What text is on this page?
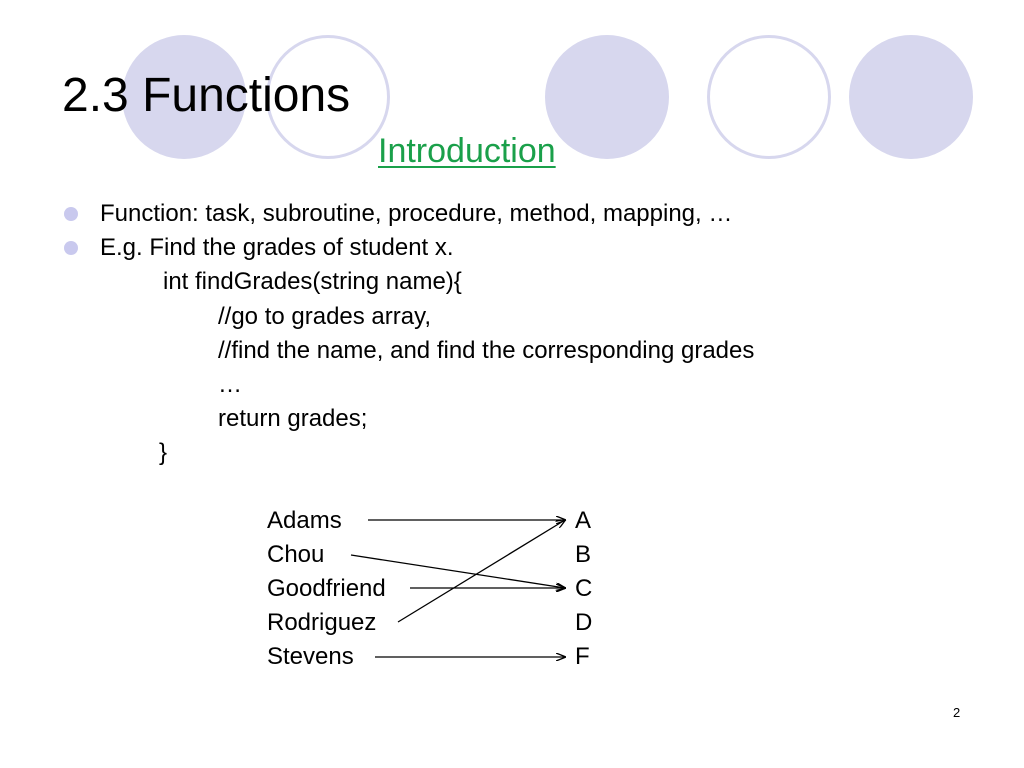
2.3 Functions
Introduction
Function: task, subroutine, procedure, method, mapping, …
E.g. Find the grades of student x.
int findGrades(string name){
//go to grades array,
//find the name, and find the corresponding grades
…
return grades;
}
Adams
Chou
Goodfriend
Rodriguez
Stevens
A
B
C
D
F
2
